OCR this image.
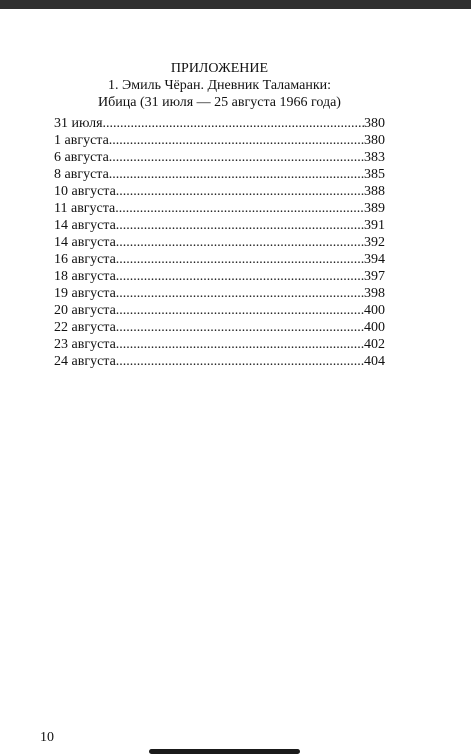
ПРИЛОЖЕНИЕ
1. Эмиль Чёран. Дневник Таламанки:
Ибица (31 июля — 25 августа 1966 года)
31 июля .....	380
1 августа .....	380
6 августа .....	383
8 августа .....	385
10 августа .....	388
11 августа .....	389
14 августа .....	391
14 августа .....	392
16 августа .....	394
18 августа .....	397
19 августа .....	398
20 августа .....	400
22 августа .....	400
23 августа .....	402
24 августа .....	404
10
